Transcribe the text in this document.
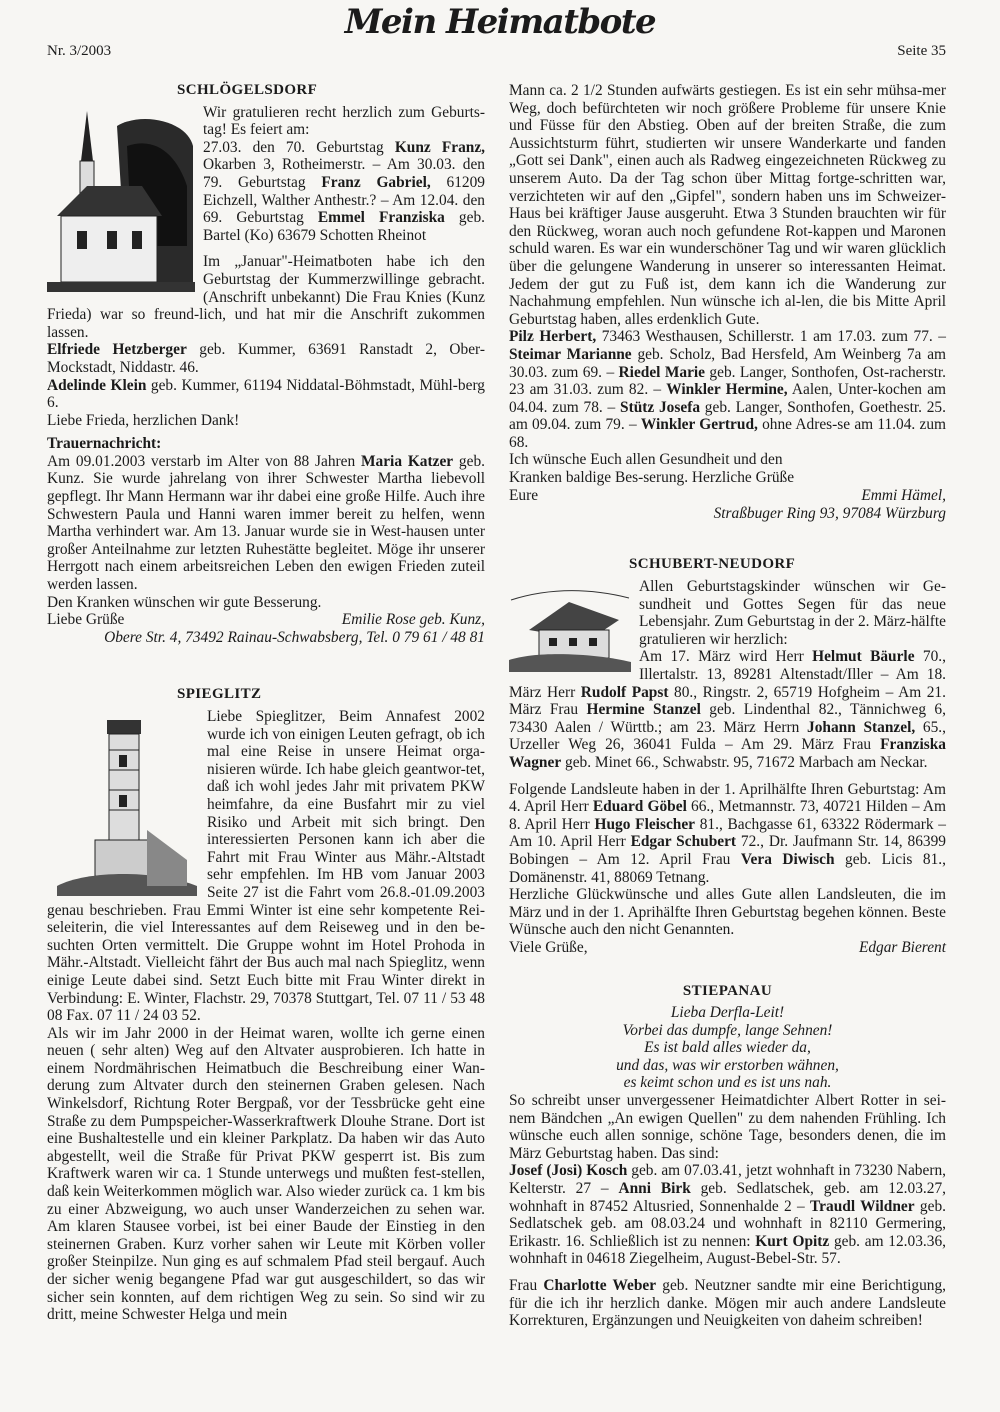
Nr. 3/2003
Mein Heimatbote
Seite 35
SCHLÖGELSDORF

Wir gratulieren recht herzlich zum Geburts-tag! Es feiert am:
27.03. den 70. Geburtstag Kunz Franz, Okarben 3, Rotheimerstr. – Am 30.03. den 79. Geburtstag Franz Gabriel, 61209 Eichzell, Walther Anthestr.? – Am 12.04. den 69. Geburtstag Emmel Franziska geb. Bartel (Ko) 63679 Schotten Rheinot

Im „Januar"-Heimatboten habe ich den Geburtstag der Kummerzwillinge gebracht. (Anschrift unbekannt) Die Frau Knies (Kunz Frieda) war so freund-lich, und hat mir die Anschrift zukommen lassen.

Elfriede Hetzberger geb. Kummer, 63691 Ranstadt 2, Ober-Mockstadt, Niddastr. 46.

Adelinde Klein geb. Kummer, 61194 Niddatal-Böhmstadt, Mühl-berg 6.

Liebe Frieda, herzlichen Dank!

Trauernachricht:

Am 09.01.2003 verstarb im Alter von 88 Jahren Maria Katzer geb. Kunz. Sie wurde jahrelang von ihrer Schwester Martha liebevoll gepflegt. Ihr Mann Hermann war ihr dabei eine große Hilfe. Auch ihre Schwestern Paula und Hanni waren immer bereit zu helfen, wenn Martha verhindert war. Am 13. Januar wurde sie in West-hausen unter großer Anteilnahme zur letzten Ruhestätte begleitet. Möge ihr unserer Herrgott nach einem arbeitsreichen Leben den ewigen Frieden zuteil werden lassen.

Den Kranken wünschen wir gute Besserung.

Liebe Grüße	Emilie Rose geb. Kunz,

Obere Str. 4, 73492 Rainau-Schwabsberg, Tel. 0 79 61 / 48 81

SPIEGLITZ

Liebe Spieglitzer, Beim Annafest 2002 wurde ich von einigen Leuten gefragt, ob ich mal eine Reise in unsere Heimat orga-nisieren würde. Ich habe gleich geantwor-tet, daß ich wohl jedes Jahr mit privatem PKW heimfahre, da eine Busfahrt mir zu viel Risiko und Arbeit mit sich bringt. Den interessierten Personen kann ich aber die Fahrt mit Frau Winter aus Mähr.-Altstadt sehr empfehlen. Im HB vom Januar 2003 Seite 27 ist die Fahrt vom 26.8.-01.09.2003 genau beschrieben. Frau Emmi Winter ist eine sehr kompetente Rei-seleiterin, die viel Interessantes auf dem Reiseweg und in den be-suchten Orten vermittelt. Die Gruppe wohnt im Hotel Prohoda in Mähr.-Altstadt. Vielleicht fährt der Bus auch mal nach Spieglitz, wenn einige Leute dabei sind. Setzt Euch bitte mit Frau Winter direkt in Verbindung: E. Winter, Flachstr. 29, 70378 Stuttgart, Tel. 07 11 / 53 48 08 Fax. 07 11 / 24 03 52.

Als wir im Jahr 2000 in der Heimat waren, wollte ich gerne einen neuen ( sehr alten) Weg auf den Altvater ausprobieren. Ich hatte in einem Nordmährischen Heimatbuch die Beschreibung einer Wan-derung zum Altvater durch den steinernen Graben gelesen. Nach Winkelsdorf, Richtung Roter Bergpaß, vor der Tessbrücke geht eine Straße zu dem Pumpspeicher-Wasserkraftwerk Dlouhe Strane. Dort ist eine Bushaltestelle und ein kleiner Parkplatz. Da haben wir das Auto abgestellt, weil die Straße für Privat PKW gesperrt ist. Bis zum Kraftwerk waren wir ca. 1 Stunde unterwegs und mußten fest-stellen, daß kein Weiterkommen möglich war. Also wieder zurück ca. 1 km bis zu einer Abzweigung, wo auch unser Wanderzeichen zu sehen war. Am klaren Stausee vorbei, ist bei einer Baude der Einstieg in den steinernen Graben. Kurz vorher sahen wir Leute mit Körben voller großer Steinpilze. Nun ging es auf schmalem Pfad steil bergauf. Auch der sicher wenig begangene Pfad war gut ausgeschildert, so das wir sicher sein konnten, auf dem richtigen Weg zu sein. So sind wir zu dritt, meine Schwester Helga und mein

Mann ca. 2 1/2 Stunden aufwärts gestiegen. Es ist ein sehr mühsa-mer Weg, doch befürchteten wir noch größere Probleme für unsere Knie und Füsse für den Abstieg. Oben auf der breiten Straße, die zum Aussichtsturm führt, studierten wir unsere Wanderkarte und fanden „Gott sei Dank", einen auch als Radweg eingezeichneten Rückweg zu unserem Auto. Da der Tag schon über Mittag fortge-schritten war, verzichteten wir auf den „Gipfel", sondern haben uns im Schweizer-Haus bei kräftiger Jause ausgeruht. Etwa 3 Stunden brauchten wir für den Rückweg, woran auch noch gefundene Rot-kappen und Maronen schuld waren. Es war ein wunderschöner Tag und wir waren glücklich über die gelungene Wanderung in unserer so interessanten Heimat. Jedem der gut zu Fuß ist, dem kann ich die Wanderung zur Nachahmung empfehlen. Nun wünsche ich al-len, die bis Mitte April Geburtstag haben, alles erdenklich Gute.

Pilz Herbert, 73463 Westhausen, Schillerstr. 1 am 17.03. zum 77. – Steimar Marianne geb. Scholz, Bad Hersfeld, Am Weinberg 7a am 30.03. zum 69. – Riedel Marie geb. Langer, Sonthofen, Ost-racherstr. 23 am 31.03. zum 82. – Winkler Hermine, Aalen, Unter-kochen am 04.04. zum 78. – Stütz Josefa geb. Langer, Sonthofen, Goethestr. 25. am 09.04. zum 79. – Winkler Gertrud, ohne Adres-se am 11.04. zum 68.

Ich wünsche Euch allen Gesundheit und den Kranken baldige Bes-serung. Herzliche Grüße Eure	Emmi Hämel,

Straßbuger Ring 93, 97084 Würzburg

SCHUBERT-NEUDORF

Allen Geburtstagskinder wünschen wir Ge-sundheit und Gottes Segen für das neue Lebensjahr. Zum Geburtstag in der 2. März-hälfte gratulieren wir herzlich:

Am 17. März wird Herr Helmut Bäurle 70., Illertalstr. 13, 89281 Altenstadt/Iller – Am 18. März Herr Rudolf Papst 80., Ringstr. 2, 65719 Hofgheim – Am 21. März Frau Hermine Stanzel geb. Lindenthal 82., Tännichweg 6, 73430 Aalen / Württb.; am 23. März Herrn Johann Stanzel, 65., Urzeller Weg 26, 36041 Fulda – Am 29. März Frau Franziska Wagner geb. Minet 66., Schwabstr. 95, 71672 Marbach am Neckar.

Folgende Landsleute haben in der 1. Aprilhälfte Ihren Geburtstag: Am 4. April Herr Eduard Göbel 66., Metmannstr. 73, 40721 Hilden – Am 8. April Herr Hugo Fleischer 81., Bachgasse 61, 63322 Rödermark – Am 10. April Herr Edgar Schubert 72., Dr. Jaufmann Str. 14, 86399 Bobingen – Am 12. April Frau Vera Diwisch geb. Licis 81., Domänenstr. 41, 88069 Tetnang.

Herzliche Glückwünsche und alles Gute allen Landsleuten, die im März und in der 1. Aprihälfte Ihren Geburtstag begehen können. Beste Wünsche auch den nicht Genannten.

Viele Grüße,	Edgar Bierent
STIEPANAU
Lieba Derfla-Leit!
Vorbei das dumpfe, lange Sehnen!
Es ist bald alles wieder da,
und das, was wir erstorben wähnen,
es keimt schon und es ist uns nah.

So schreibt unser unvergessener Heimatdichter Albert Rotter in sei-nem Bändchen „An ewigen Quellen" zu dem nahenden Frühling. Ich wünsche euch allen sonnige, schöne Tage, besonders denen, die im März Geburtstag haben. Das sind:

Josef (Josi) Kosch geb. am 07.03.41, jetzt wohnhaft in 73230 Nabern, Kelterstr. 27 – Anni Birk geb. Sedlatschek, geb. am 12.03.27, wohnhaft in 87452 Altusried, Sonnenhalde 2 – Traudl Wildner geb. Sedlatschek geb. am 08.03.24 und wohnhaft in 82110 Germering, Erikastr. 16. Schließlich ist zu nennen: Kurt Opitz geb. am 12.03.36, wohnhaft in 04618 Ziegelheim, August-Bebel-Str. 57.

Frau Charlotte Weber geb. Neutzner sandte mir eine Berichtigung, für die ich ihr herzlich danke. Mögen mir auch andere Landsleute Korrekturen, Ergänzungen und Neuigkeiten von daheim schreiben!
